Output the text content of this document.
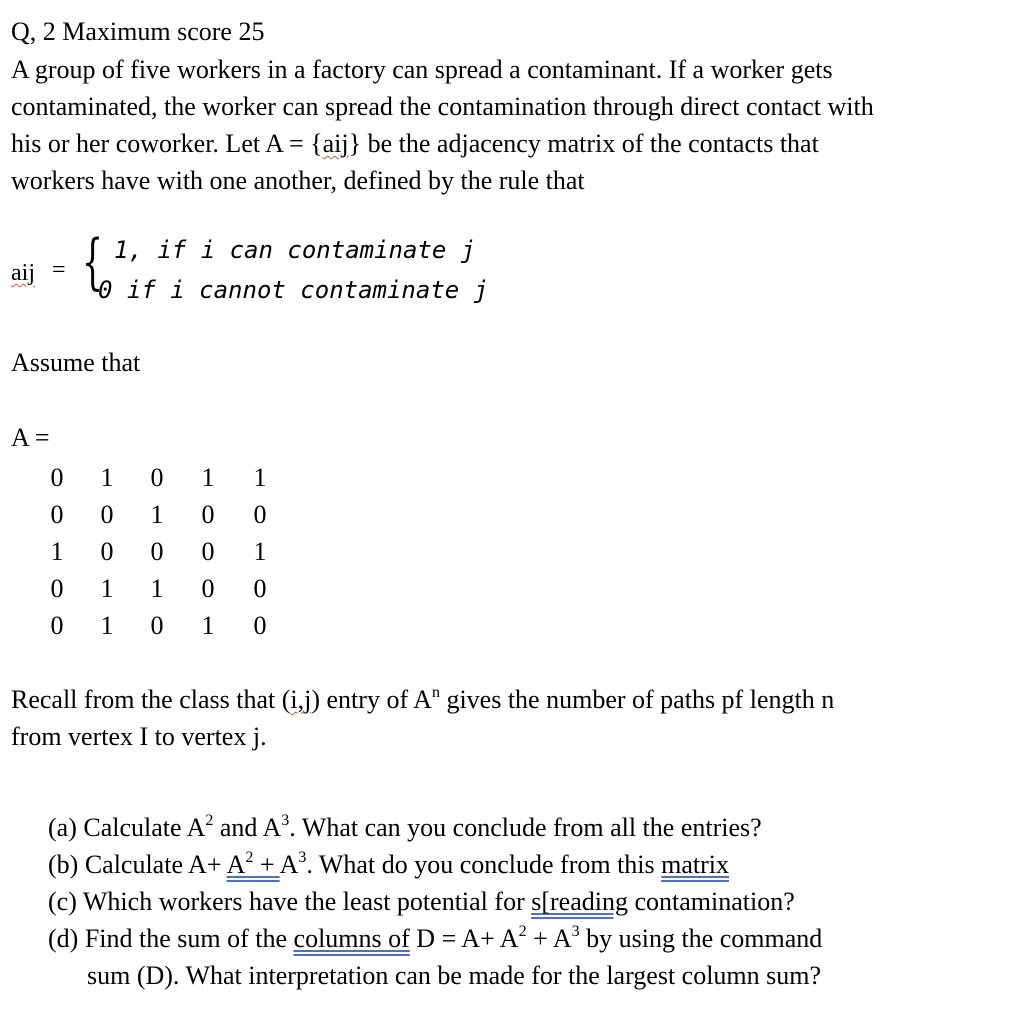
Q, 2 Maximum score 25
A group of five workers in a factory can spread a contaminant. If a worker gets
contaminated, the worker can spread the contamination through direct contact with
his or her coworker. Let A = {aij} be the adjacency matrix of the contacts that
workers have with one another, defined by the rule that
aij = { 1, if i can contaminate j
0 if i cannot contaminate j
Assume that
A =
0	1	0	1	1
0	0	1	0	0
1	0	0	0	1
0	1	1	0	0
0	1	0	1	0
Recall from the class that (i,j) entry of $A^n$ gives the number of paths pf length n
from vertex I to vertex j.
(a) Calculate $A^2$ and $A^3$. What can you conclude from all the entries?
(b) Calculate $A+ A^2 + A^3$. What do you conclude from this matrix
(c) Which workers have the least potential for s[reading contamination?
(d) Find the sum of the columns of $D = A+ A^2 + A^3$ by using the command
sum (D). What interpretation can be made for the largest column sum?
